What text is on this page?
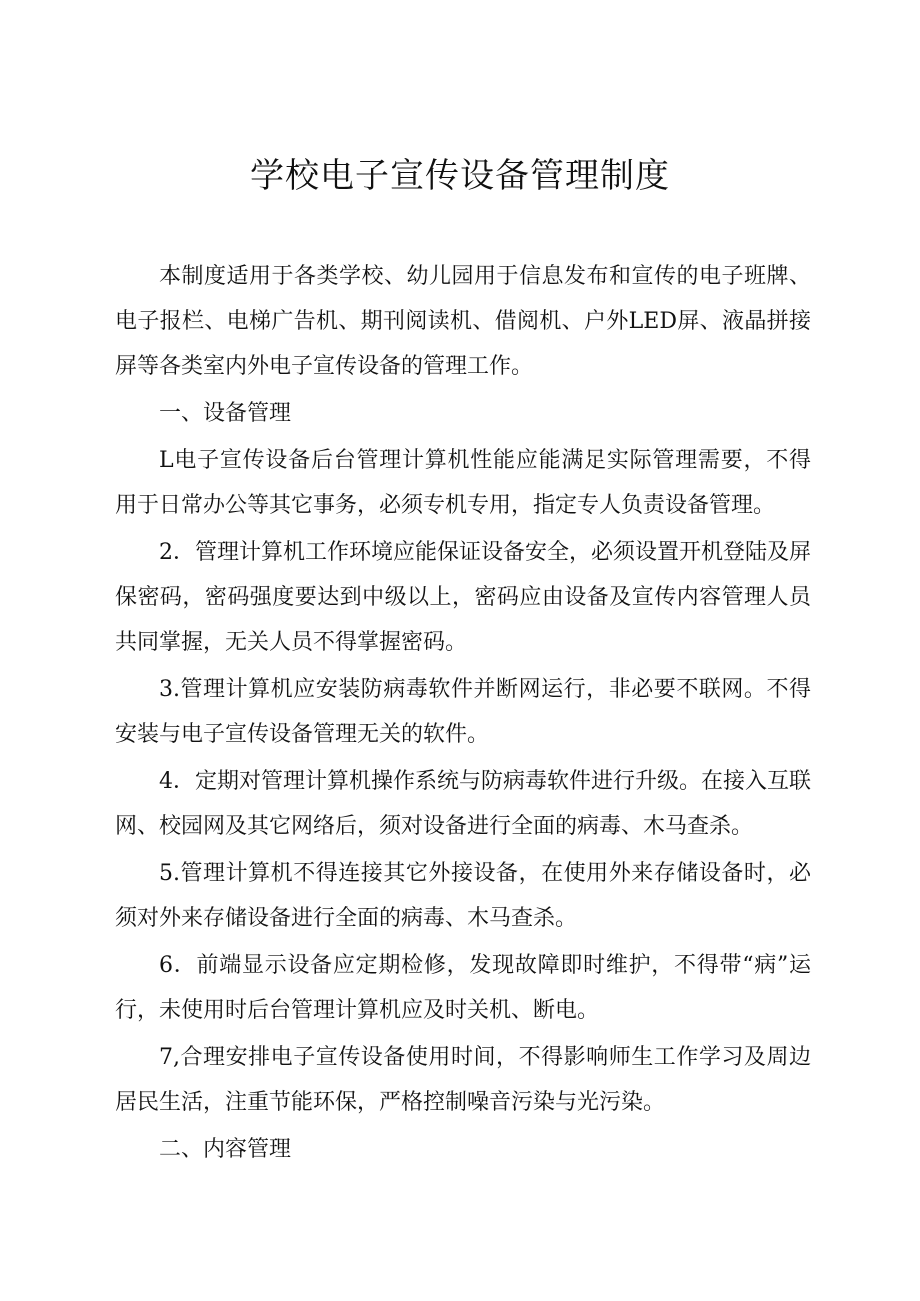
学校电子宣传设备管理制度

本制度适用于各类学校、幼儿园用于信息发布和宣传的电子班牌、电子报栏、电梯广告机、期刊阅读机、借阅机、户外LED屏、液晶拼接屏等各类室内外电子宣传设备的管理工作。

一、设备管理

L电子宣传设备后台管理计算机性能应能满足实际管理需要，不得用于日常办公等其它事务，必须专机专用，指定专人负责设备管理。

2．管理计算机工作环境应能保证设备安全，必须设置开机登陆及屏保密码，密码强度要达到中级以上，密码应由设备及宣传内容管理人员共同掌握，无关人员不得掌握密码。

3.管理计算机应安装防病毒软件并断网运行，非必要不联网。不得安装与电子宣传设备管理无关的软件。

4．定期对管理计算机操作系统与防病毒软件进行升级。在接入互联网、校园网及其它网络后，须对设备进行全面的病毒、木马查杀。

5.管理计算机不得连接其它外接设备，在使用外来存储设备时，必须对外来存储设备进行全面的病毒、木马查杀。

6．前端显示设备应定期检修，发现故障即时维护，不得带“病”运行，未使用时后台管理计算机应及时关机、断电。

7,合理安排电子宣传设备使用时间，不得影响师生工作学习及周边居民生活，注重节能环保，严格控制噪音污染与光污染。

二、内容管理
